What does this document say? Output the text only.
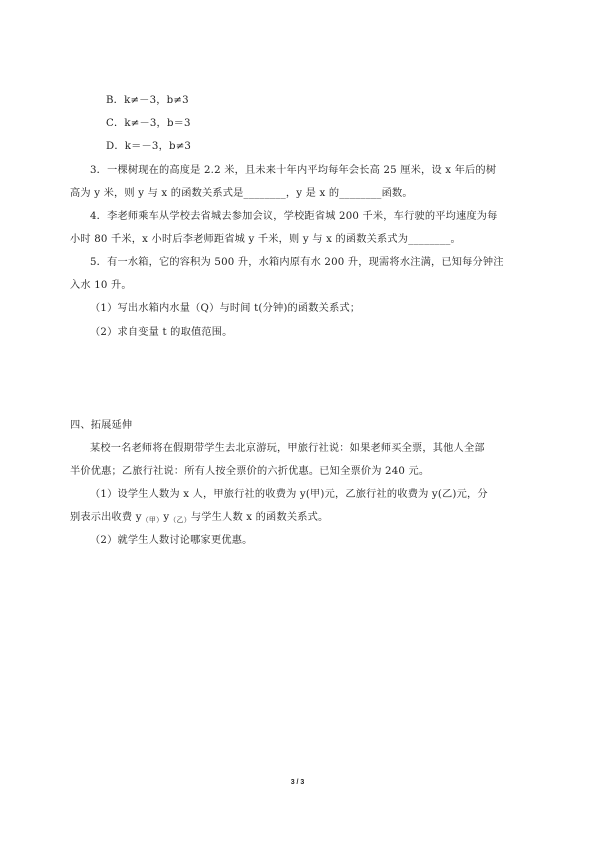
B．k≠－3，b≠3
C．k≠－3，b＝3
D．k＝－3，b≠3
3．一棵树现在的高度是 2.2 米，且未来十年内平均每年会长高 25 厘米，设 x 年后的树
高为 y 米，则 y 与 x 的函数关系式是________，y 是 x 的________函数。
4．李老师乘车从学校去省城去参加会议，学校距省城 200 千米，车行驶的平均速度为每
小时 80 千米，x 小时后李老师距省城 y 千米，则 y 与 x 的函数关系式为________。
5．有一水箱，它的容积为 500 升，水箱内原有水 200 升，现需将水注满，已知每分钟注
入水 10 升。
（1）写出水箱内水量（Q）与时间 t(分钟)的函数关系式；
（2）求自变量 t 的取值范围。
四、拓展延伸
某校一名老师将在假期带学生去北京游玩，甲旅行社说：如果老师买全票，其他人全部
半价优惠；乙旅行社说：所有人按全票价的六折优惠。已知全票价为 240 元。
（1）设学生人数为 x 人，甲旅行社的收费为 y(甲)元，乙旅行社的收费为 y(乙)元，分
别表示出收费 y（甲）y（乙）与学生人数 x 的函数关系式。
（2）就学生人数讨论哪家更优惠。
3 / 3
